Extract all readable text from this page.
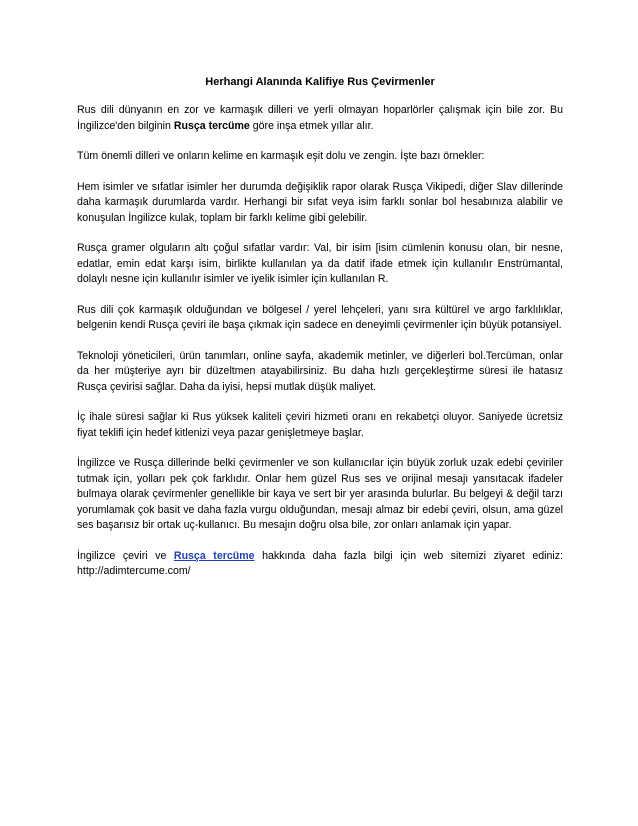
Herhangi Alanında Kalifiye Rus Çevirmenler

Rus dili dünyanın en zor ve karmaşık dilleri ve yerli olmayan hoparlörler çalışmak için bile zor. Bu İngilizce'den bilginin Rusça tercüme göre inşa etmek yıllar alır.

Tüm önemli dilleri ve onların kelime en karmaşık eşit dolu ve zengin. İşte bazı örnekler:

Hem isimler ve sıfatlar isimler her durumda değişiklik rapor olarak Rusça Vikipedi, diğer Slav dillerinde daha karmaşık durumlarda vardır. Herhangi bir sıfat veya isim farklı sonlar bol hesabınıza alabilir ve konuşulan İngilizce kulak, toplam bir farklı kelime gibi gelebilir.

Rusça gramer olguların altı çoğul sıfatlar vardır: Val, bir isim [isim cümlenin konusu olan, bir nesne, edatlar, emin edat karşı isim, birlikte kullanılan ya da datif ifade etmek için kullanılır Enstrümantal, dolaylı nesne için kullanılır isimler ve iyelik isimler için kullanılan R.

Rus dili çok karmaşık olduğundan ve bölgesel / yerel lehçeleri, yanı sıra kültürel ve argo farklılıklar, belgenin kendi Rusça çeviri ile başa çıkmak için sadece en deneyimli çevirmenler için büyük potansiyel.

Teknoloji yöneticileri, ürün tanımları, online sayfa, akademik metinler, ve diğerleri bol.Tercüman, onlar da her müşteriye ayrı bir düzeltmen atayabilirsiniz. Bu daha hızlı gerçekleştirme süresi ile hatasız Rusça çevirisi sağlar. Daha da iyisi, hepsi mutlak düşük maliyet.

İç ihale süresi sağlar ki Rus yüksek kaliteli çeviri hizmeti oranı en rekabetçi oluyor. Saniyede ücretsiz fiyat teklifi için hedef kitlenizi veya pazar genişletmeye başlar.

İngilizce ve Rusça dillerinde belki çevirmenler ve son kullanıcılar için büyük zorluk uzak edebi çeviriler tutmak için, yolları pek çok farklıdır. Onlar hem güzel Rus ses ve orijinal mesajı yansıtacak ifadeler bulmaya olarak çevirmenler genellikle bir kaya ve sert bir yer arasında bulurlar. Bu belgeyi & değil tarzı yorumlamak çok basit ve daha fazla vurgu olduğundan, mesajı almaz bir edebi çeviri, olsun, ama güzel ses başarısız bir ortak uç-kullanıcı. Bu mesajın doğru olsa bile, zor onları anlamak için yapar.

İngilizce çeviri ve Rusça tercüme hakkında daha fazla bilgi için web sitemizi ziyaret ediniz: http://adimtercume.com/
